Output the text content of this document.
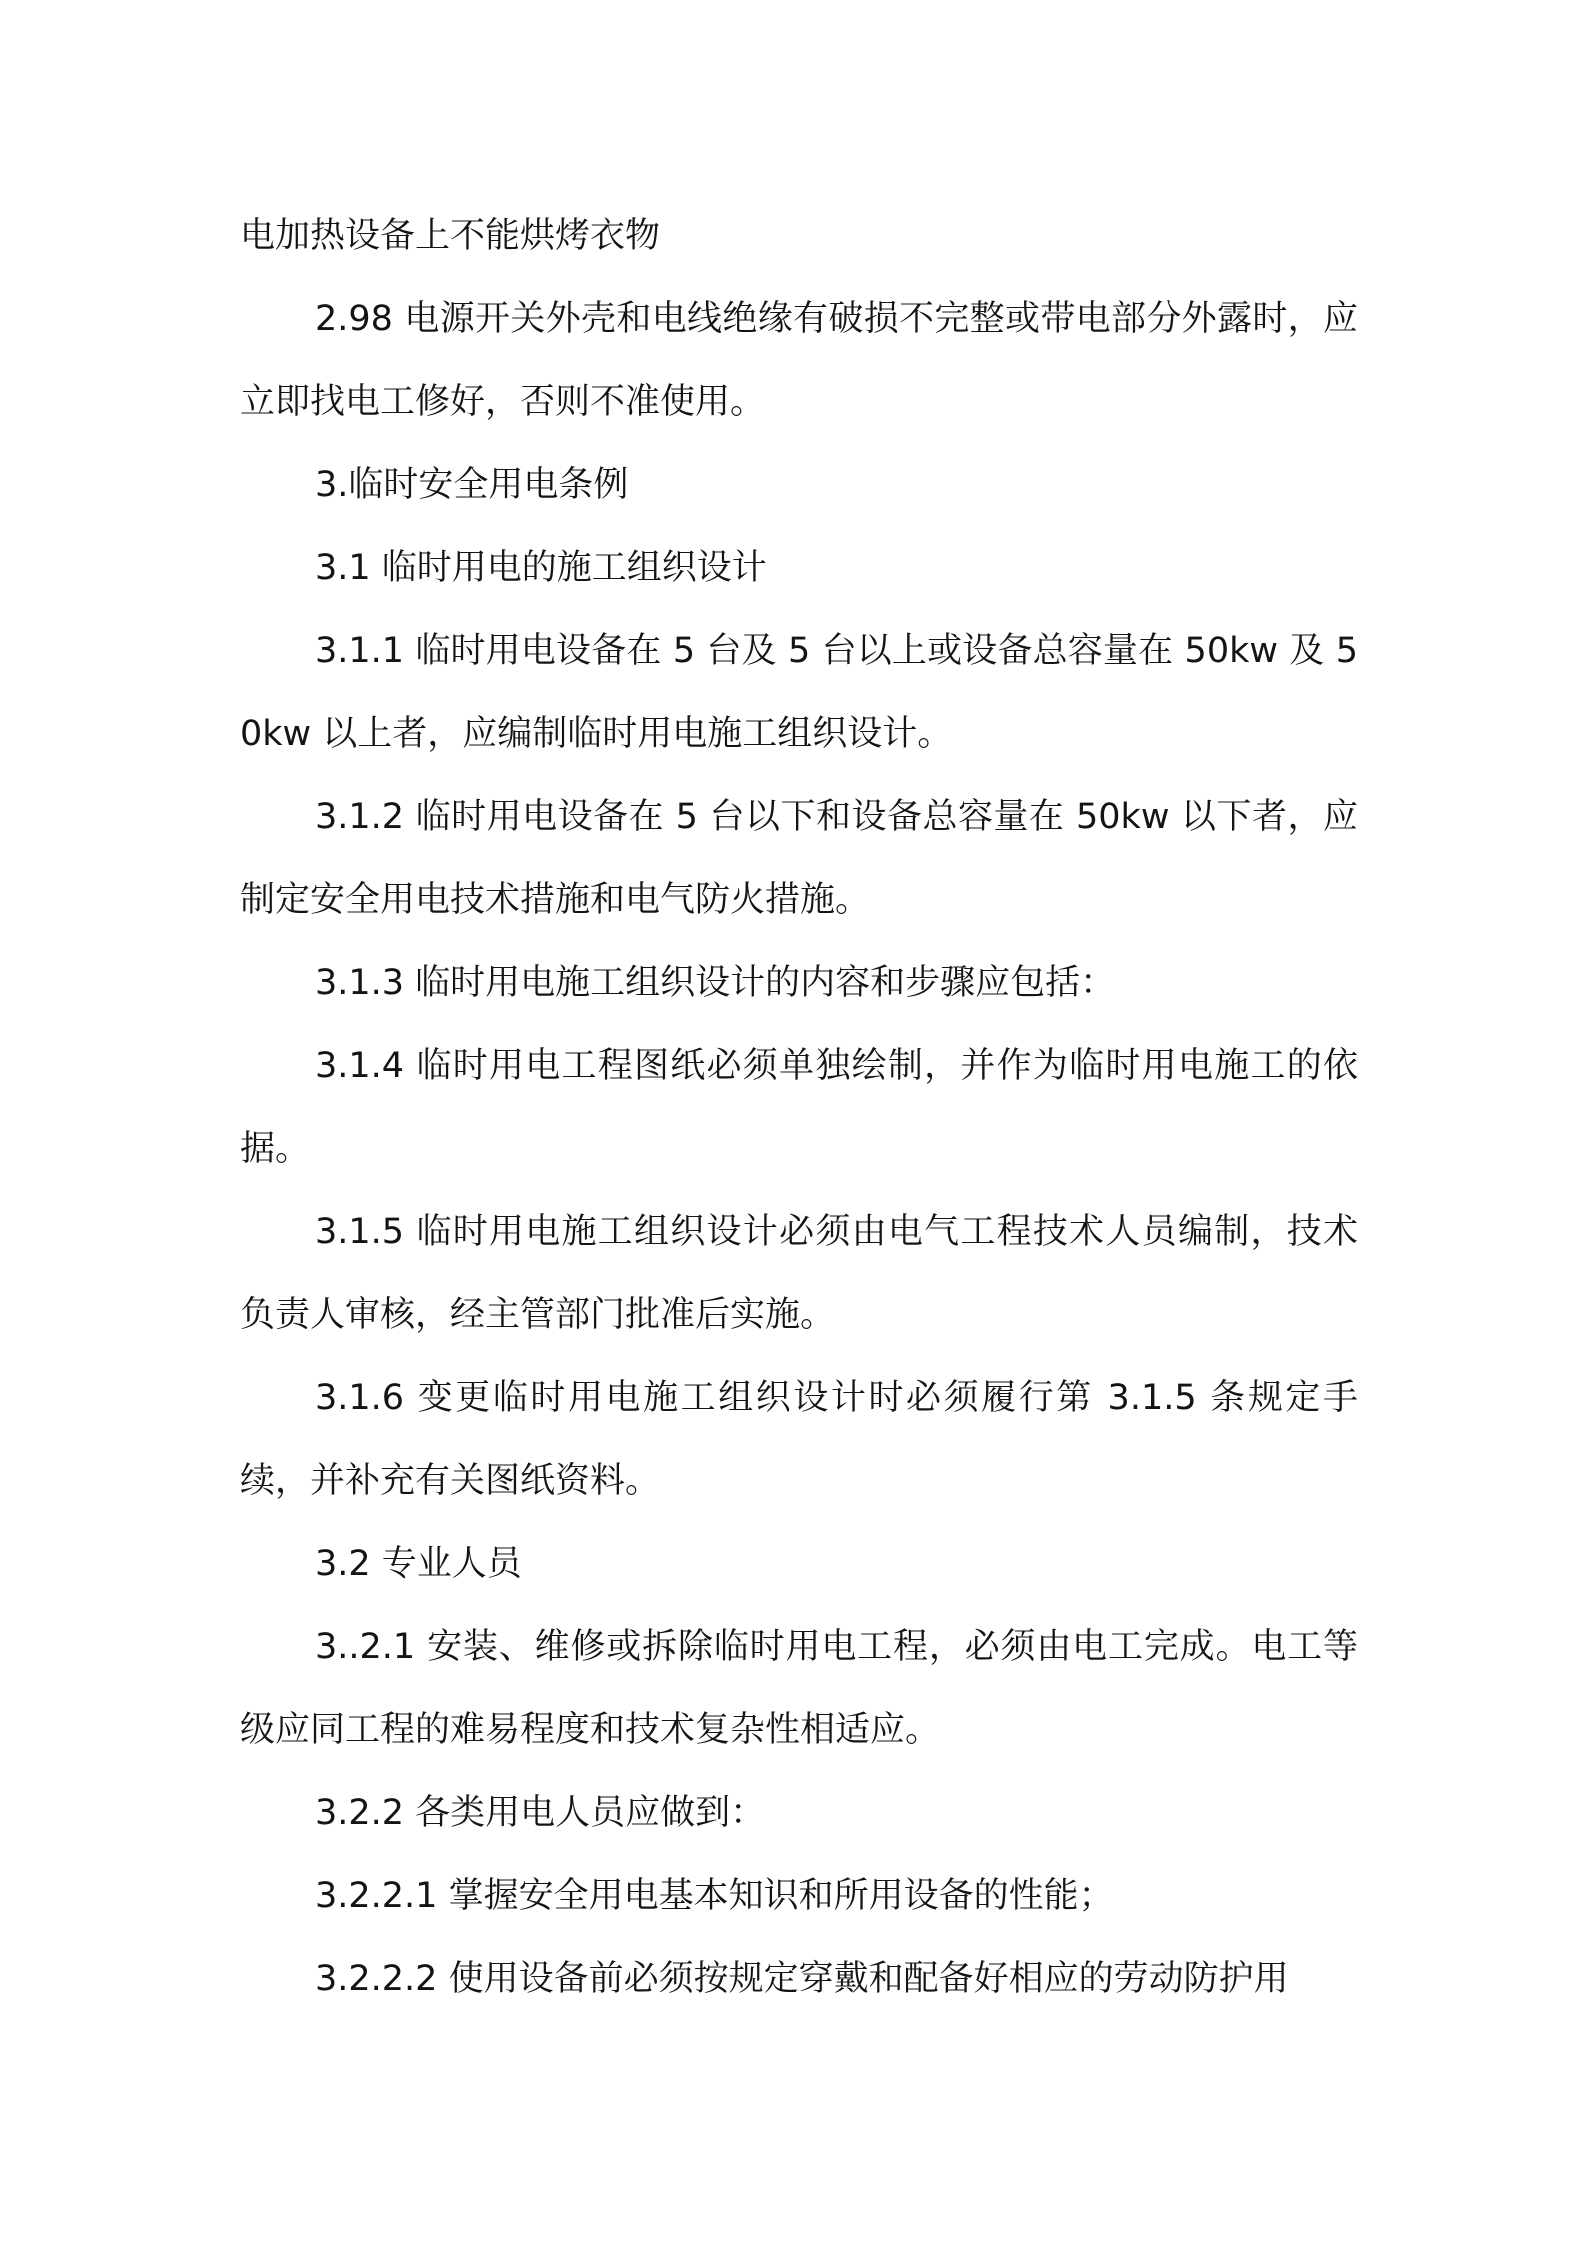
电加热设备上不能烘烤衣物

2.98 电源开关外壳和电线绝缘有破损不完整或带电部分外露时，应立即找电工修好，否则不准使用。

3.临时安全用电条例

3.1 临时用电的施工组织设计

3.1.1 临时用电设备在 5 台及 5 台以上或设备总容量在 50kw 及 50kw 以上者，应编制临时用电施工组织设计。

3.1.2 临时用电设备在 5 台以下和设备总容量在 50kw 以下者，应制定安全用电技术措施和电气防火措施。

3.1.3 临时用电施工组织设计的内容和步骤应包括：

3.1.4 临时用电工程图纸必须单独绘制，并作为临时用电施工的依据。

3.1.5 临时用电施工组织设计必须由电气工程技术人员编制，技术负责人审核，经主管部门批准后实施。

3.1.6 变更临时用电施工组织设计时必须履行第 3.1.5 条规定手续，并补充有关图纸资料。

3.2 专业人员

3..2.1 安装、维修或拆除临时用电工程，必须由电工完成。电工等级应同工程的难易程度和技术复杂性相适应。

3.2.2 各类用电人员应做到：

3.2.2.1 掌握安全用电基本知识和所用设备的性能；

3.2.2.2 使用设备前必须按规定穿戴和配备好相应的劳动防护用
